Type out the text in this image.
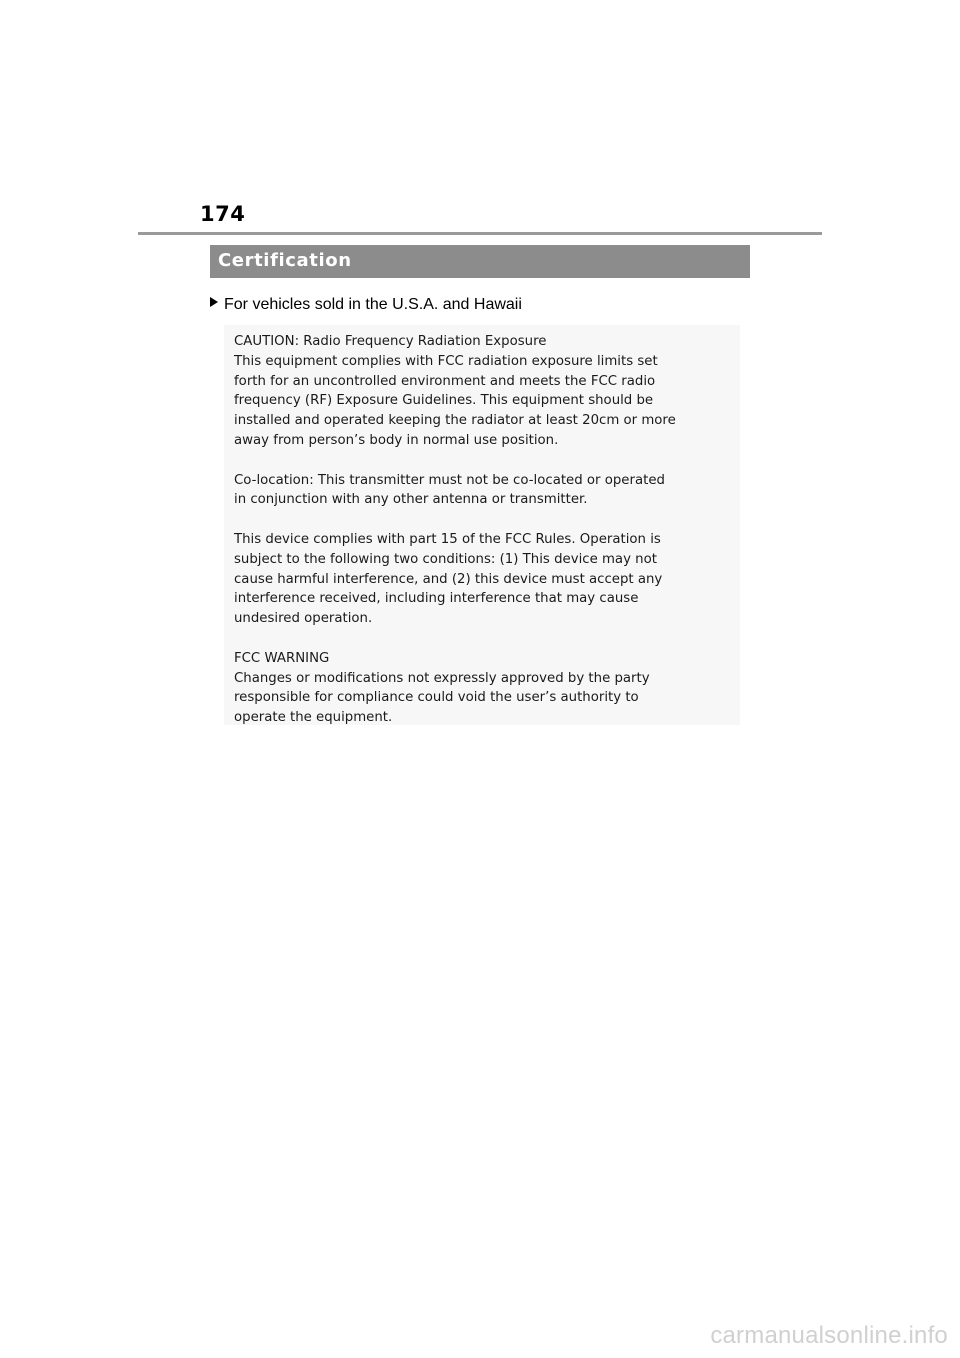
174
Certification
For vehicles sold in the U.S.A. and Hawaii

CAUTION: Radio Frequency Radiation Exposure
This equipment complies with FCC radiation exposure limits set
forth for an uncontrolled environment and meets the FCC radio
frequency (RF) Exposure Guidelines. This equipment should be
installed and operated keeping the radiator at least 20cm or more
away from person’s body in normal use position.

Co-location: This transmitter must not be co-located or operated
in conjunction with any other antenna or transmitter.

This device complies with part 15 of the FCC Rules. Operation is
subject to the following two conditions: (1) This device may not
cause harmful interference, and (2) this device must accept any
interference received, including interference that may cause
undesired operation.

FCC WARNING
Changes or modifications not expressly approved by the party
responsible for compliance could void the user’s authority to
operate the equipment.

carmanualsonline.info
